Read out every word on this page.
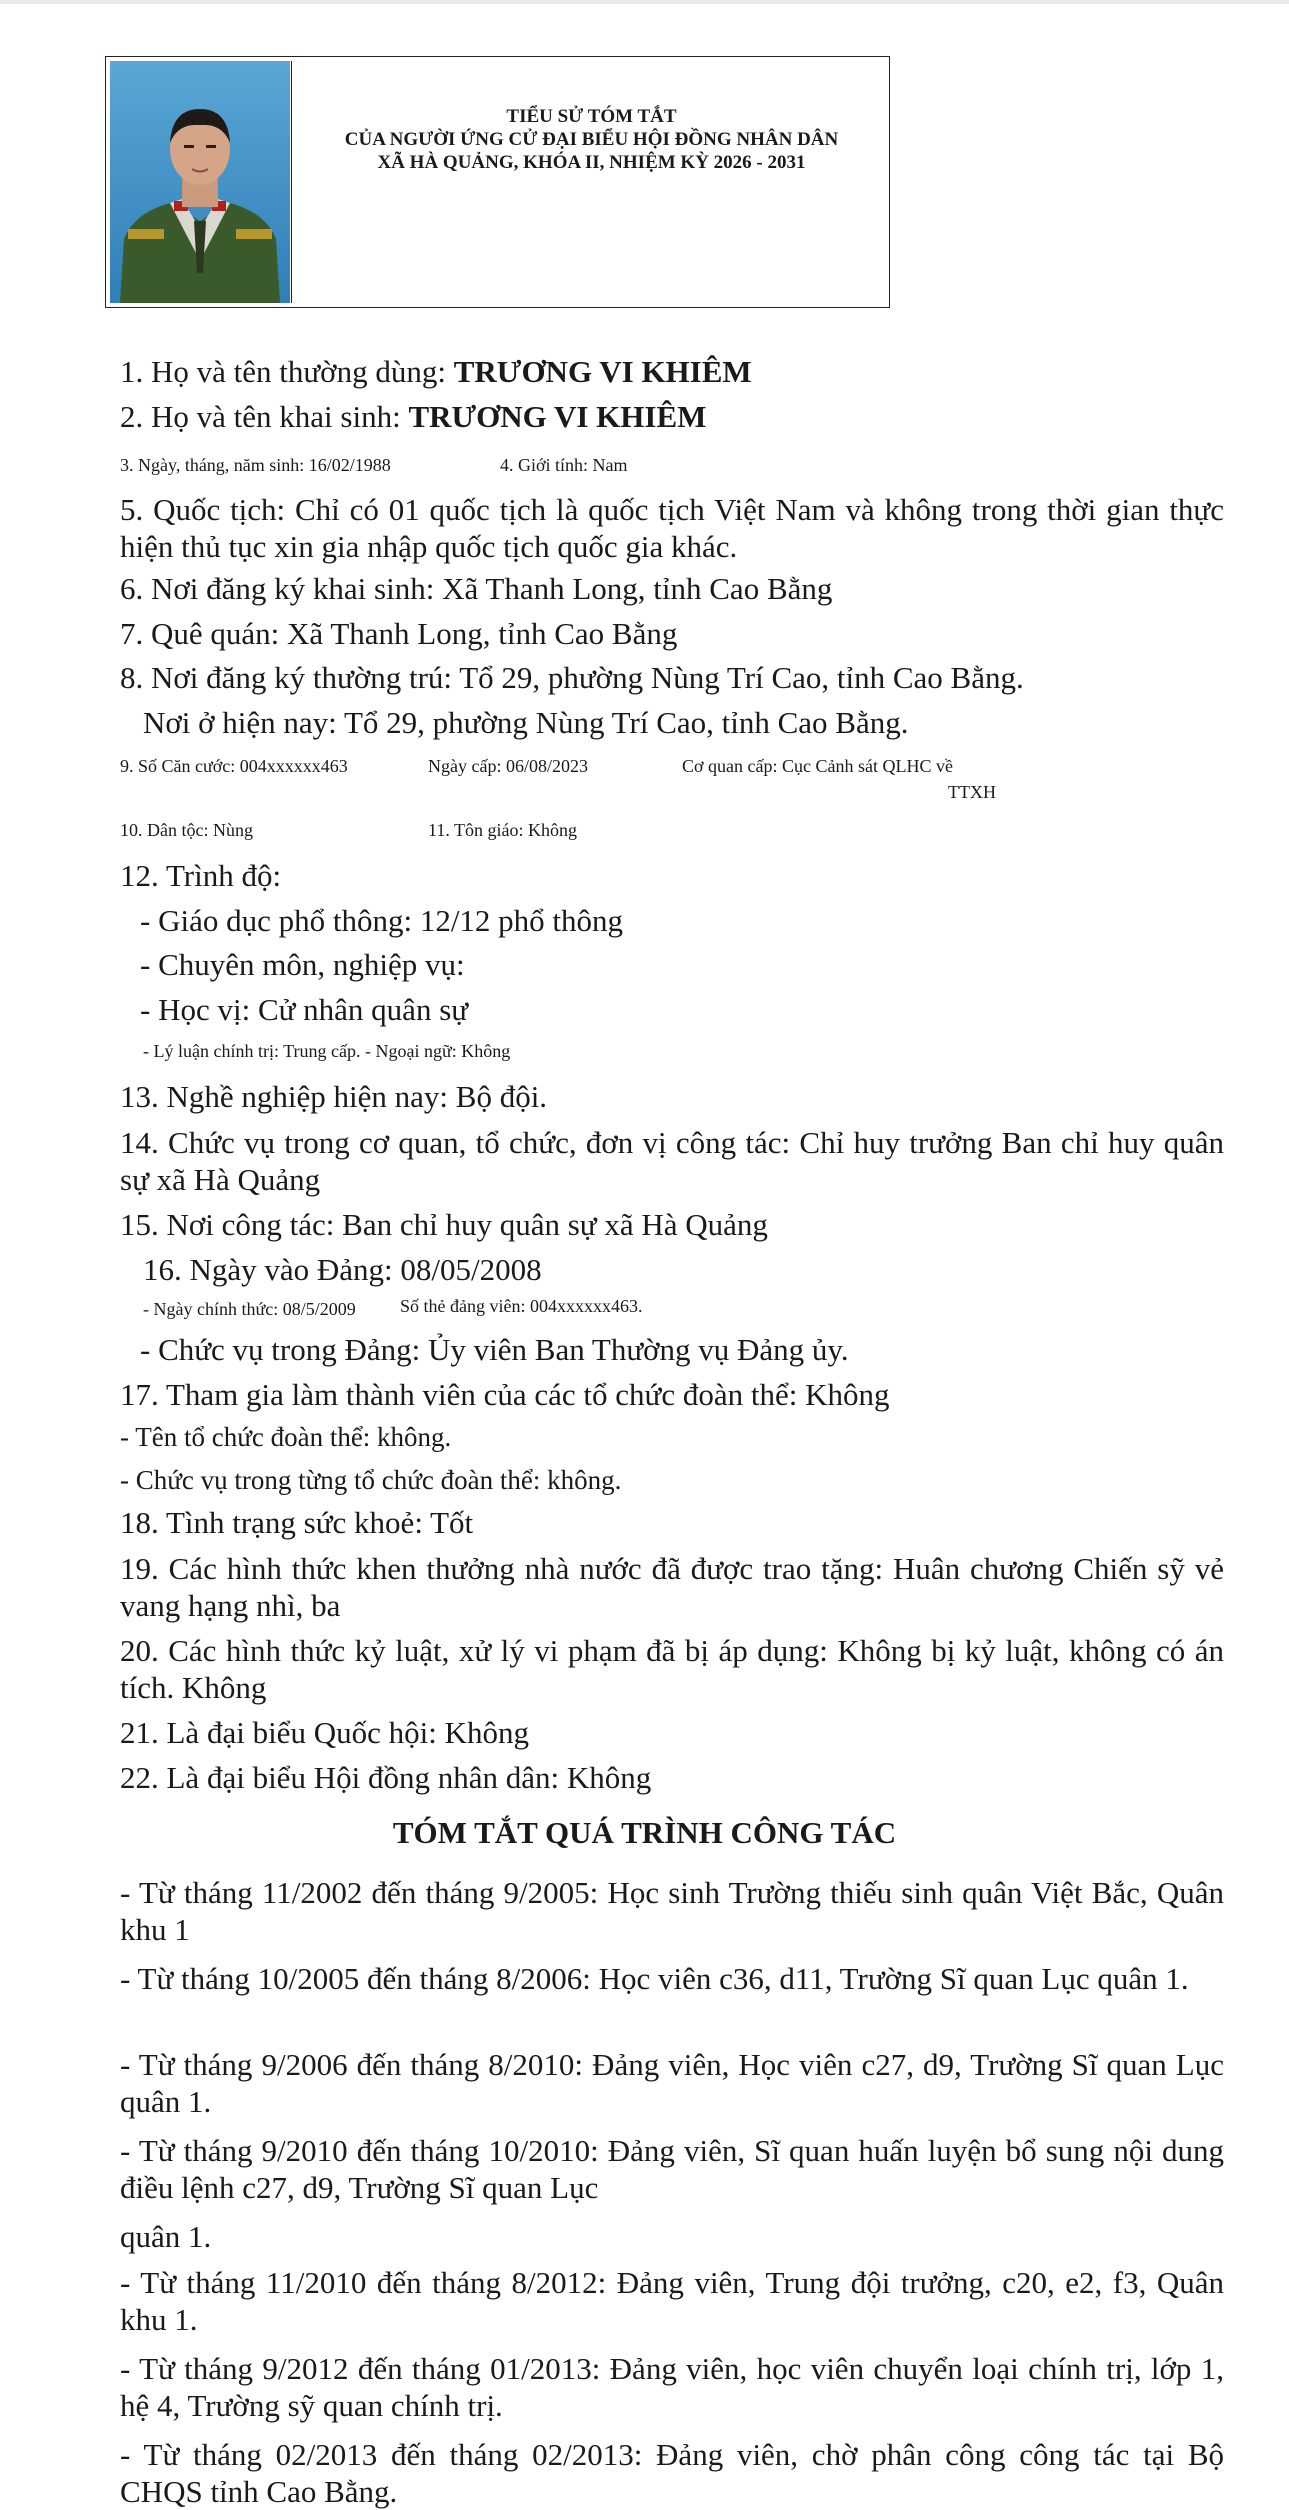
TIỂU SỬ TÓM TẮT
CỦA NGƯỜI ỨNG CỬ ĐẠI BIỂU HỘI ĐỒNG NHÂN DÂN
XÃ HÀ QUẢNG, KHÓA II, NHIỆM KỲ 2026 - 2031
1. Họ và tên thường dùng: TRƯƠNG VI KHIÊM
2. Họ và tên khai sinh: TRƯƠNG VI KHIÊM
3. Ngày, tháng, năm sinh: 16/02/1988	4. Giới tính: Nam
5. Quốc tịch: Chỉ có 01 quốc tịch là quốc tịch Việt Nam và không trong thời gian thực hiện thủ tục xin gia nhập quốc tịch quốc gia khác.
6. Nơi đăng ký khai sinh: Xã Thanh Long, tỉnh Cao Bằng
7. Quê quán: Xã Thanh Long, tỉnh Cao Bằng
8. Nơi đăng ký thường trú: Tổ 29, phường Nùng Trí Cao, tỉnh Cao Bằng.
Nơi ở hiện nay: Tổ 29, phường Nùng Trí Cao, tỉnh Cao Bằng.
9. Số Căn cước: 004xxxxxx463	Ngày cấp: 06/08/2023	Cơ quan cấp: Cục Cảnh sát QLHC về
TTXH
10. Dân tộc: Nùng	11. Tôn giáo: Không
12. Trình độ:
- Giáo dục phổ thông: 12/12 phổ thông
- Chuyên môn, nghiệp vụ:
- Học vị: Cử nhân quân sự
- Lý luận chính trị: Trung cấp. - Ngoại ngữ: Không
13. Nghề nghiệp hiện nay: Bộ đội.
14. Chức vụ trong cơ quan, tổ chức, đơn vị công tác: Chỉ huy trưởng Ban chỉ huy quân sự xã Hà Quảng
15. Nơi công tác: Ban chỉ huy quân sự xã Hà Quảng
16. Ngày vào Đảng: 08/05/2008
- Ngày chính thức: 08/5/2009 Số thẻ đảng viên: 004xxxxxx463.
- Chức vụ trong Đảng: Ủy viên Ban Thường vụ Đảng ủy.
17. Tham gia làm thành viên của các tổ chức đoàn thể: Không
- Tên tổ chức đoàn thể: không.
- Chức vụ trong từng tổ chức đoàn thể: không.
18. Tình trạng sức khoẻ: Tốt
19. Các hình thức khen thưởng nhà nước đã được trao tặng: Huân chương Chiến sỹ vẻ vang hạng nhì, ba
20. Các hình thức kỷ luật, xử lý vi phạm đã bị áp dụng: Không bị kỷ luật, không có án tích. Không
21. Là đại biểu Quốc hội: Không
22. Là đại biểu Hội đồng nhân dân: Không
TÓM TẮT QUÁ TRÌNH CÔNG TÁC
- Từ tháng 11/2002 đến tháng 9/2005: Học sinh Trường thiếu sinh quân Việt Bắc, Quân khu 1
- Từ tháng 10/2005 đến tháng 8/2006: Học viên c36, d11, Trường Sĩ quan Lục quân 1.
- Từ tháng 9/2006 đến tháng 8/2010: Đảng viên, Học viên c27, d9, Trường Sĩ quan Lục quân 1.
- Từ tháng 9/2010 đến tháng 10/2010: Đảng viên, Sĩ quan huấn luyện bổ sung nội dung điều lệnh c27, d9, Trường Sĩ quan Lục
quân 1.
- Từ tháng 11/2010 đến tháng 8/2012: Đảng viên, Trung đội trưởng, c20, e2, f3, Quân khu 1.
- Từ tháng 9/2012 đến tháng 01/2013: Đảng viên, học viên chuyển loại chính trị, lớp 1, hệ 4, Trường sỹ quan chính trị.
- Từ tháng 02/2013 đến tháng 02/2013: Đảng viên, chờ phân công công tác tại Bộ CHQS tỉnh Cao Bằng.
